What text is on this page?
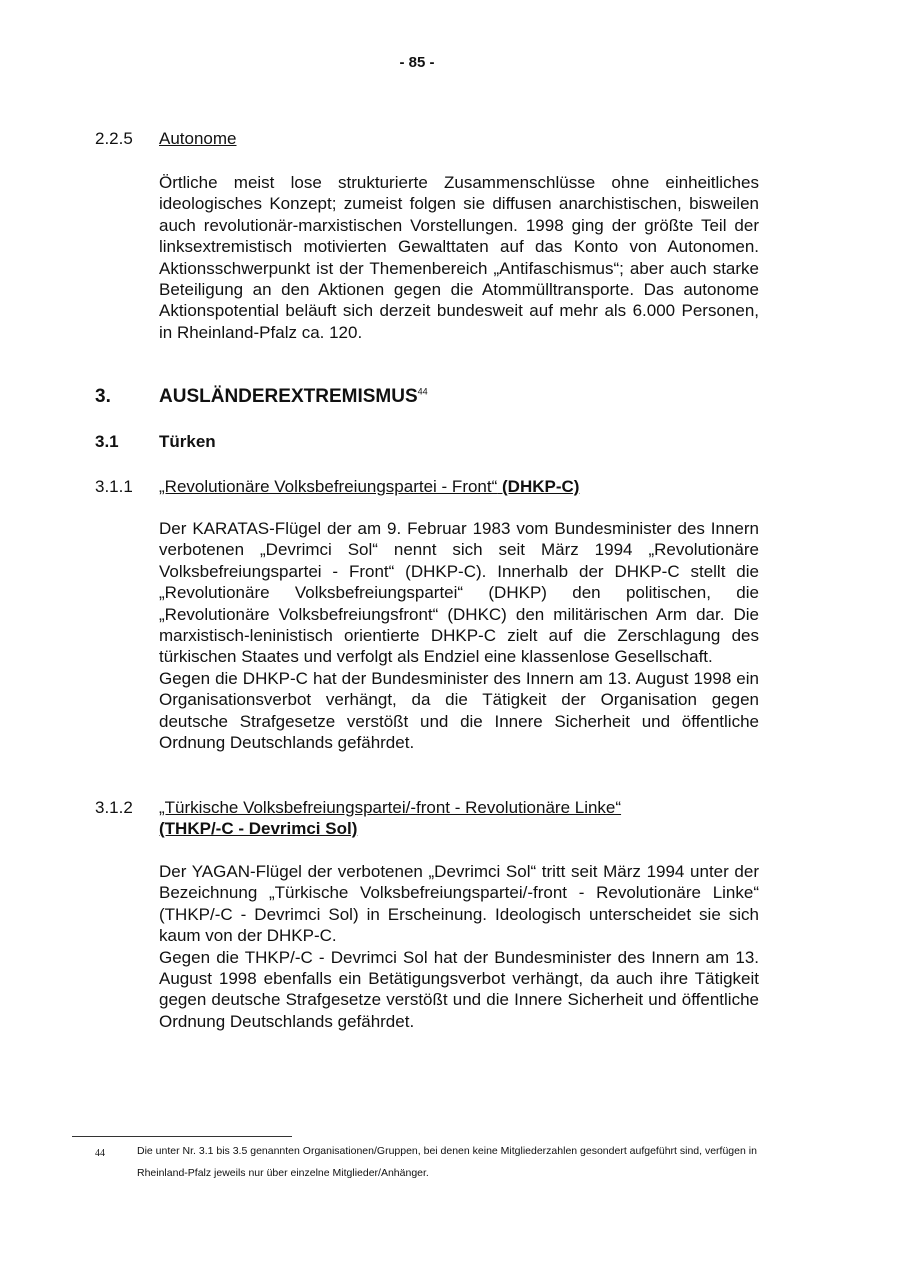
- 85 -
2.2.5 Autonome

Örtliche meist lose strukturierte Zusammenschlüsse ohne einheitliches ideologisches Konzept; zumeist folgen sie diffusen anarchistischen, bisweilen auch revolutionär-marxistischen Vorstellungen. 1998 ging der größte Teil der linksextremistisch motivierten Gewalttaten auf das Konto von Autonomen. Aktionsschwerpunkt ist der Themenbereich „Antifaschismus“; aber auch starke Beteiligung an den Aktionen gegen die Atommülltransporte. Das autonome Aktionspotential beläuft sich derzeit bundesweit auf mehr als 6.000 Personen, in Rheinland-Pfalz ca. 120.

3.	AUSLÄNDEREXTREMISMUS$^{44}$
3.1 Türken
3.1.1 „Revolutionäre Volksbefreiungspartei - Front“ (DHKP-C)

Der KARATAS-Flügel der am 9. Februar 1983 vom Bundesminister des Innern verbotenen „Devrimci Sol“ nennt sich seit März 1994 „Revolutionäre Volksbefreiungspartei - Front“ (DHKP-C). Innerhalb der DHKP-C stellt die „Revolutionäre Volksbefreiungspartei“ (DHKP) den politischen, die „Revolutionäre Volksbefreiungsfront“ (DHKC) den militärischen Arm dar. Die marxistisch-leninistisch orientierte DHKP-C zielt auf die Zerschlagung des türkischen Staates und verfolgt als Endziel eine klassenlose Gesellschaft.

Gegen die DHKP-C hat der Bundesminister des Innern am 13. August 1998 ein Organisationsverbot verhängt, da die Tätigkeit der Organisation gegen deutsche Strafgesetze verstößt und die Innere Sicherheit und öffentliche Ordnung Deutschlands gefährdet.

3.1.2 „Türkische Volksbefreiungspartei/-front - Revolutionäre Linke“
(THKP/-C - Devrimci Sol)

Der YAGAN-Flügel der verbotenen „Devrimci Sol“ tritt seit März 1994 unter der Bezeichnung „Türkische Volksbefreiungspartei/-front - Revolutionäre Linke“ (THKP/-C - Devrimci Sol) in Erscheinung. Ideologisch unterscheidet sie sich kaum von der DHKP-C.

Gegen die THKP/-C - Devrimci Sol hat der Bundesminister des Innern am 13. August 1998 ebenfalls ein Betätigungsverbot verhängt, da auch ihre Tätigkeit gegen deutsche Strafgesetze verstößt und die Innere Sicherheit und öffentliche Ordnung Deutschlands gefährdet.

44	Die unter Nr. 3.1 bis 3.5 genannten Organisationen/Gruppen, bei denen keine Mitgliederzahlen gesondert aufgeführt sind, verfügen in Rheinland-Pfalz jeweils nur über einzelne Mitglieder/Anhänger.
